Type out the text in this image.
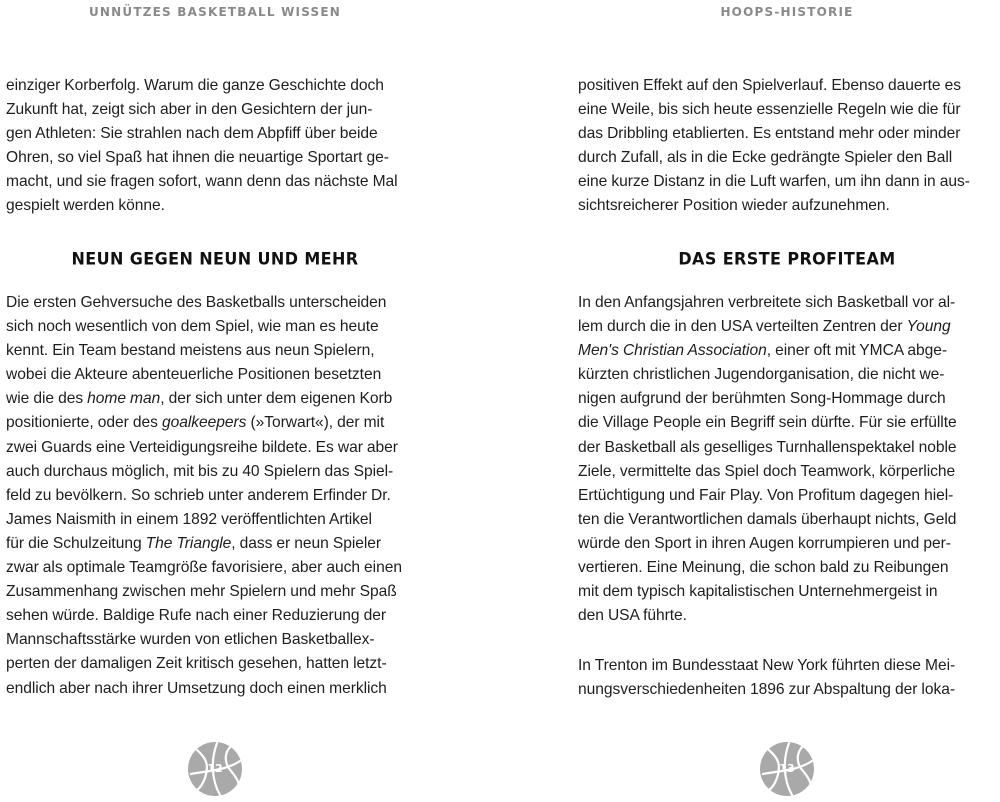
UNNÜTZES BASKETBALL WISSEN

einziger Korberfolg. Warum die ganze Geschichte doch

Zukunft hat, zeigt sich aber in den Gesichtern der jun-

gen Athleten: Sie strahlen nach dem Abpfiff über beide

Ohren, so viel Spaß hat ihnen die neuartige Sportart ge-

macht, und sie fragen sofort, wann denn das nächste Mal

gespielt werden könne.

NEUN GEGEN NEUN UND MEHR

Die ersten Gehversuche des Basketballs unterscheiden

sich noch wesentlich von dem Spiel, wie man es heute

kennt. Ein Team bestand meistens aus neun Spielern,

wobei die Akteure abenteuerliche Positionen besetzten

wie die des home man, der sich unter dem eigenen Korb

positionierte, oder des goalkeepers (»Torwart«), der mit

zwei Guards eine Verteidigungsreihe bildete. Es war aber

auch durchaus möglich, mit bis zu 40 Spielern das Spiel-

feld zu bevölkern. So schrieb unter anderem Erfinder Dr.

James Naismith in einem 1892 veröffentlichten Artikel

für die Schulzeitung The Triangle, dass er neun Spieler

zwar als optimale Teamgröße favorisiere, aber auch einen

Zusammenhang zwischen mehr Spielern und mehr Spaß

sehen würde. Baldige Rufe nach einer Reduzierung der

Mannschaftsstärke wurden von etlichen Basketballex-

perten der damaligen Zeit kritisch gesehen, hatten letzt-

endlich aber nach ihrer Umsetzung doch einen merklich

12
HOOPS-HISTORIE

positiven Effekt auf den Spielverlauf. Ebenso dauerte es

eine Weile, bis sich heute essenzielle Regeln wie die für

das Dribbling etablierten. Es entstand mehr oder minder

durch Zufall, als in die Ecke gedrängte Spieler den Ball

eine kurze Distanz in die Luft warfen, um ihn dann in aus-

sichtsreicherer Position wieder aufzunehmen.

DAS ERSTE PROFITEAM

In den Anfangsjahren verbreitete sich Basketball vor al-

lem durch die in den USA verteilten Zentren der Young

Men's Christian Association, einer oft mit YMCA abge-

kürzten christlichen Jugendorganisation, die nicht we-

nigen aufgrund der berühmten Song-Hommage durch

die Village People ein Begriff sein dürfte. Für sie erfüllte

der Basketball als geselliges Turnhallenspektakel noble

Ziele, vermittelte das Spiel doch Teamwork, körperliche

Ertüchtigung und Fair Play. Von Profitum dagegen hiel-

ten die Verantwortlichen damals überhaupt nichts, Geld

würde den Sport in ihren Augen korrumpieren und per-

vertieren. Eine Meinung, die schon bald zu Reibungen

mit dem typisch kapitalistischen Unternehmergeist in

den USA führte.

In Trenton im Bundesstaat New York führten diese Mei-

nungsverschiedenheiten 1896 zur Abspaltung der loka-

13
